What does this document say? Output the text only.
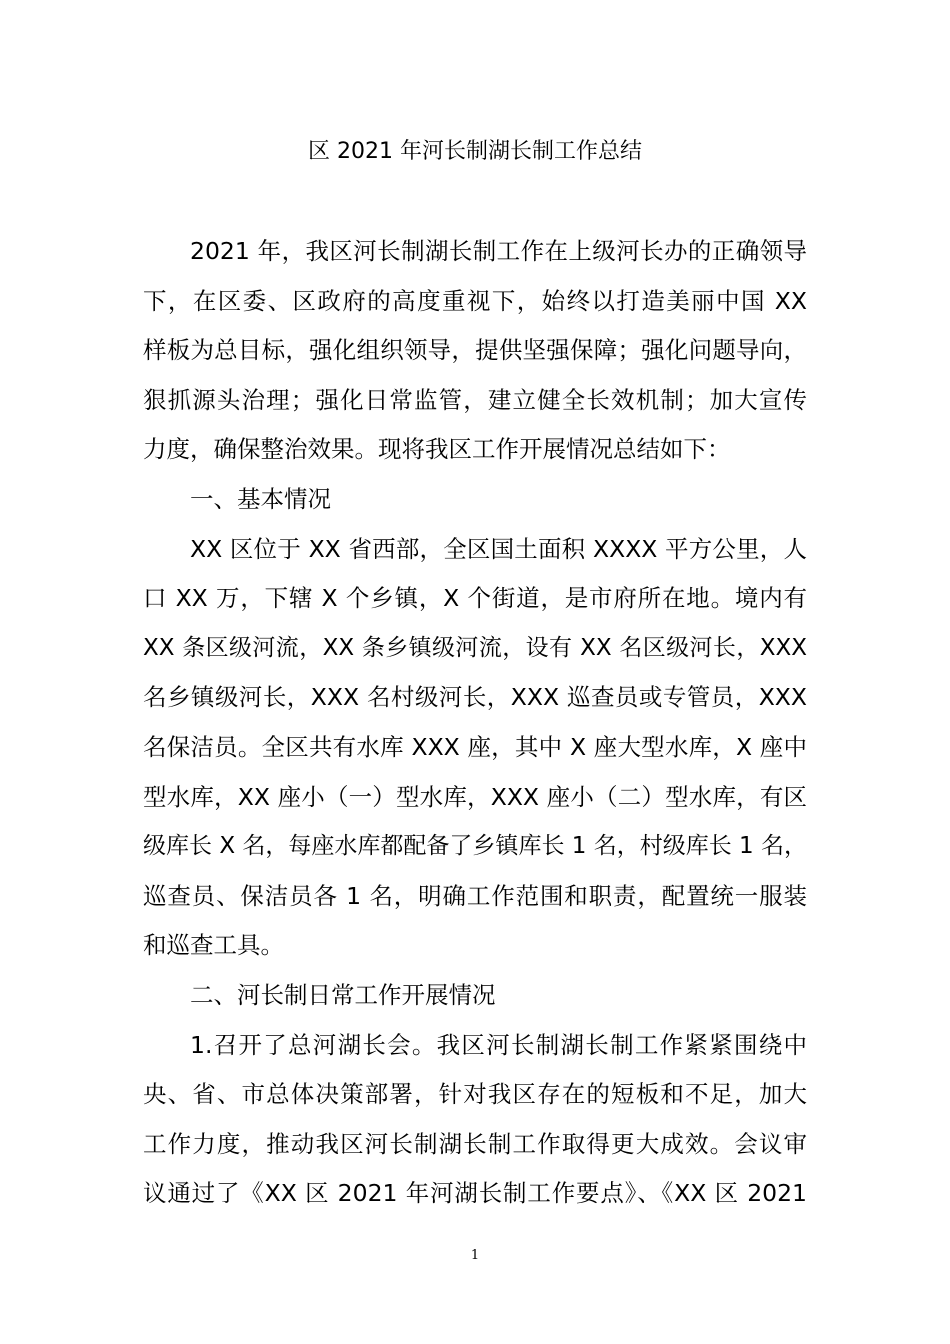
区 2021 年河长制湖长制工作总结
2021 年，我区河长制湖长制工作在上级河长办的正确领导
下，在区委、区政府的高度重视下，始终以打造美丽中国 XX
样板为总目标，强化组织领导，提供坚强保障；强化问题导向，
狠抓源头治理；强化日常监管，建立健全长效机制；加大宣传
力度，确保整治效果。现将我区工作开展情况总结如下：
一、基本情况
XX 区位于 XX 省西部，全区国土面积 XXXX 平方公里，人
口 XX 万，下辖 X 个乡镇，X 个街道，是市府所在地。境内有
XX 条区级河流，XX 条乡镇级河流，设有 XX 名区级河长，XXX
名乡镇级河长，XXX 名村级河长，XXX 巡查员或专管员，XXX
名保洁员。全区共有水库 XXX 座，其中 X 座大型水库，X 座中
型水库，XX 座小（一）型水库，XXX 座小（二）型水库，有区
级库长 X 名，每座水库都配备了乡镇库长 1 名，村级库长 1 名，
巡查员、保洁员各 1 名，明确工作范围和职责，配置统一服装
和巡查工具。
二、河长制日常工作开展情况
1.召开了总河湖长会。我区河长制湖长制工作紧紧围绕中
央、省、市总体决策部署，针对我区存在的短板和不足，加大
工作力度，推动我区河长制湖长制工作取得更大成效。会议审
议通过了《XX 区 2021 年河湖长制工作要点》、《XX 区 2021
1
